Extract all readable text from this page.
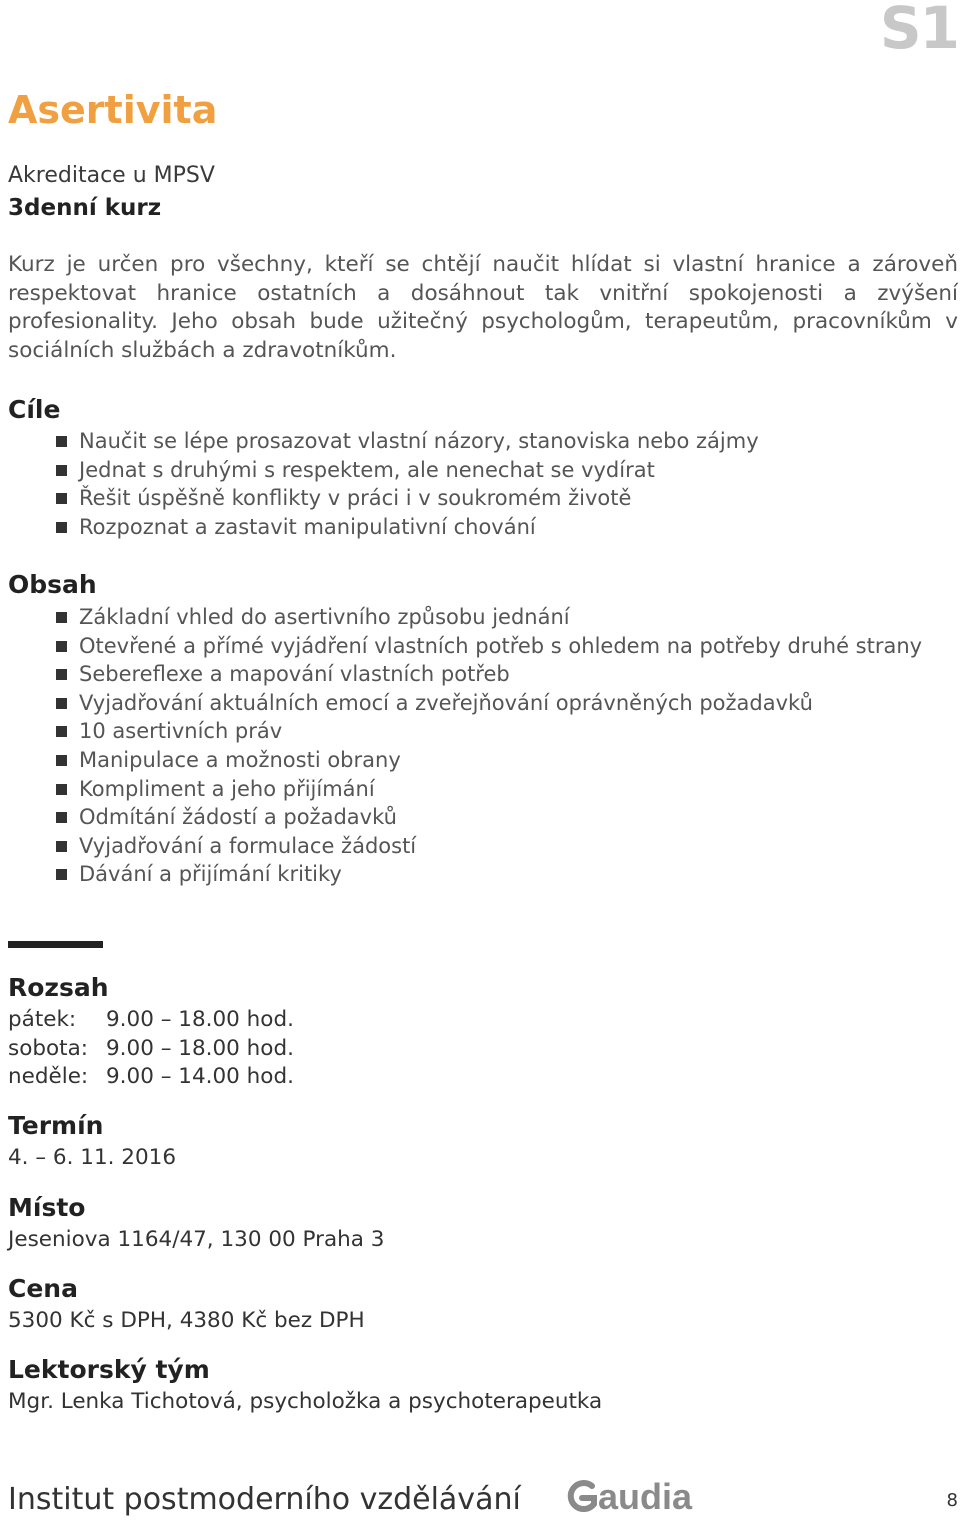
S1
Asertivita
Akreditace u MPSV
3denní kurz

Kurz je určen pro všechny, kteří se chtějí naučit hlídat si vlastní hranice a zároveň respektovat hranice ostatních a dosáhnout tak vnitřní spokojenosti a zvýšení profesionality. Jeho obsah bude užitečný psychologům, terapeutům, pracovníkům v sociálních službách a zdravotníkům.

Cíle
Naučit se lépe prosazovat vlastní názory, stanoviska nebo zájmy
Jednat s druhými s respektem, ale nenechat se vydírat
Řešit úspěšně konflikty v práci i v soukromém životě
Rozpoznat a zastavit manipulativní chování
Obsah
Základní vhled do asertivního způsobu jednání
Otevřené a přímé vyjádření vlastních potřeb s ohledem na potřeby druhé strany
Sebereflexe a mapování vlastních potřeb
Vyjadřování aktuálních emocí a zveřejňování oprávněných požadavků
10 asertivních práv
Manipulace a možnosti obrany
Kompliment a jeho přijímání
Odmítání žádostí a požadavků
Vyjadřování a formulace žádostí
Dávání a přijímání kritiky
Rozsah
pátek:	9.00 – 18.00 hod.
sobota: 9.00 – 18.00 hod.
neděle: 9.00 – 14.00 hod.
Termín

4. – 6. 11. 2016

Místo

Jeseniova 1164/47, 130 00 Praha 3

Cena

5300 Kč s DPH, 4380 Kč bez DPH

Lektorský tým

Mgr. Lenka Tichotová, psycholožka a psychoterapeutka

Institut postmoderního vzdělávání audia	8
